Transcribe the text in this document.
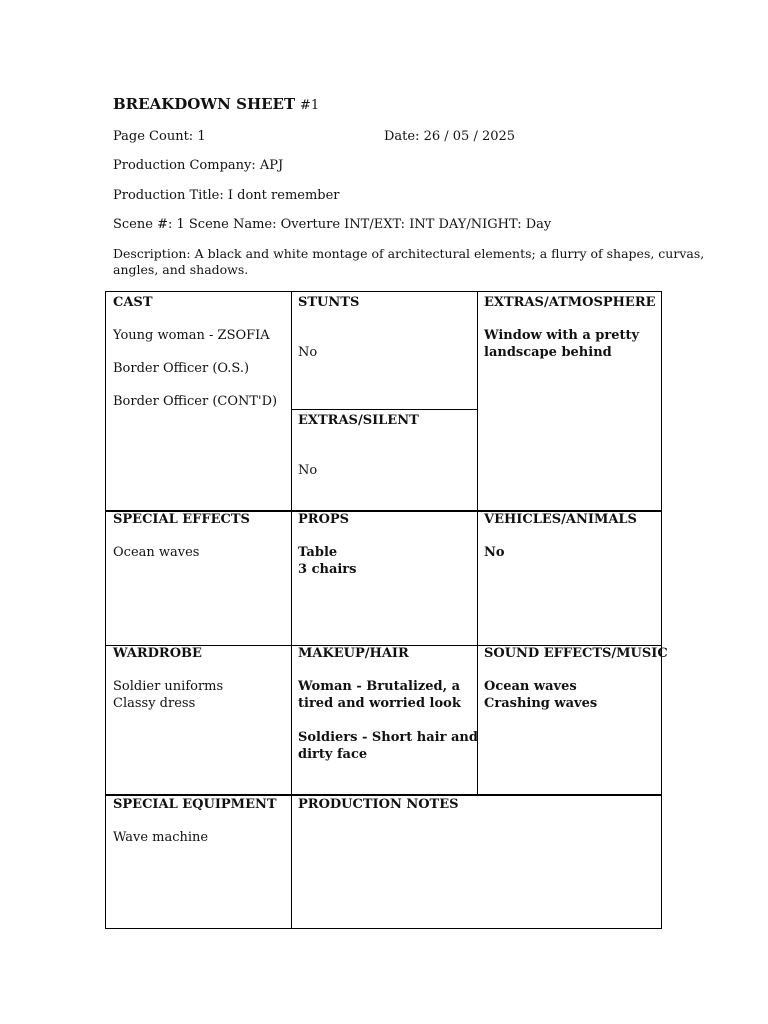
BREAKDOWN SHEET #1
Page Count: 1	Date: 26 / 05 / 2025
Production Company: APJ
Production Title: I dont remember
Scene #: 1 Scene Name: Overture INT/EXT: INT DAY/NIGHT: Day
Description: A black and white montage of architectural elements; a flurry of shapes, curvas,
angles, and shadows.
CAST
Young woman - ZSOFIA
Border Officer (O.S.)
Border Officer (CONT'D)
STUNTS
No
EXTRAS/SILENT
No
EXTRAS/ATMOSPHERE
Window with a pretty
landscape behind
SPECIAL EFFECTS
Ocean waves
PROPS
Table
3 chairs
VEHICLES/ANIMALS
No
WARDROBE
Soldier uniforms
Classy dress
MAKEUP/HAIR
Woman - Brutalized, a
tired and worried look
Soldiers - Short hair and
dirty face
SOUND EFFECTS/MUSIC
Ocean waves
Crashing waves
SPECIAL EQUIPMENT
Wave machine
PRODUCTION NOTES
